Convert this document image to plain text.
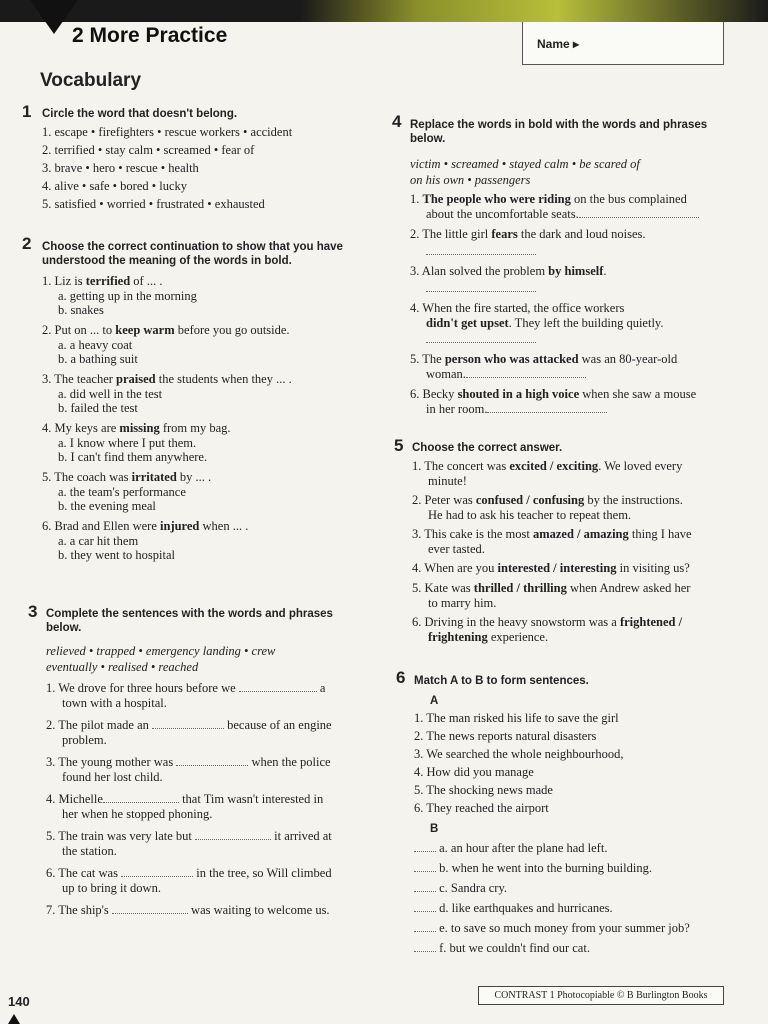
2 More Practice	Name ▸
Vocabulary
1 Circle the word that doesn't belong.
1. escape • firefighters • rescue workers • accident
2. terrified • stay calm • screamed • fear of
3. brave • hero • rescue • health
4. alive • safe • bored • lucky
5. satisfied • worried • frustrated • exhausted
2 Choose the correct continuation to show that you have
understood the meaning of the words in bold.
1. Liz is terrified of ... .
a. getting up in the morning
b. snakes
2. Put on ... to keep warm before you go outside.
a. a heavy coat
b. a bathing suit
3. The teacher praised the students when they ... .
a. did well in the test
b. failed the test
4. My keys are missing from my bag.
a. I know where I put them.
b. I can't find them anywhere.
5. The coach was irritated by ... .
a. the team's performance
b. the evening meal
6. Brad and Ellen were injured when ... .
a. a car hit them
b. they went to hospital
3 Complete the sentences with the words and phrases below.
relieved • trapped • emergency landing • crew
eventually • realised • reached
1. We drove for three hours before we	a
town with a hospital.
2. The pilot made an	because of an engine
problem.
3. The young mother was	when the police
found her lost child.
4. Michelle	that Tim wasn't interested in
her when he stopped phoning.
5. The train was very late but	it arrived at
the station.
6. The cat was	in the tree, so Will climbed
up to bring it down.
7. The ship's	was waiting to welcome us.
4 Replace the words in bold with the words and phrases
below.
victim • screamed • stayed calm • be scared of
on his own • passengers
1. The people who were riding on the bus complained
about the uncomfortable seats.
2. The little girl fears the dark and loud noises.
3. Alan solved the problem by himself.
4. When the fire started, the office workers
didn't get upset. They left the building quietly.
5. The person who was attacked was an 80-year-old
woman.
6. Becky shouted in a high voice when she saw a mouse
in her room.
5 Choose the correct answer.
1. The concert was excited / exciting. We loved every
minute!
2. Peter was confused / confusing by the instructions.
He had to ask his teacher to repeat them.
3. This cake is the most amazed / amazing thing I have
ever tasted.
4. When are you interested / interesting in visiting us?
5. Kate was thrilled / thrilling when Andrew asked her
to marry him.
6. Driving in the heavy snowstorm was a frightened /
frightening experience.
6 Match A to B to form sentences.
A
1. The man risked his life to save the girl
2. The news reports natural disasters
3. We searched the whole neighbourhood,
4. How did you manage
5. The shocking news made
6. They reached the airport
B
a. an hour after the plane had left.
b. when he went into the burning building.
c. Sandra cry.
d. like earthquakes and hurricanes.
e. to save so much money from your summer job?
f. but we couldn't find our cat.
140	CONTRAST 1 Photocopiable © B Burlington Books
